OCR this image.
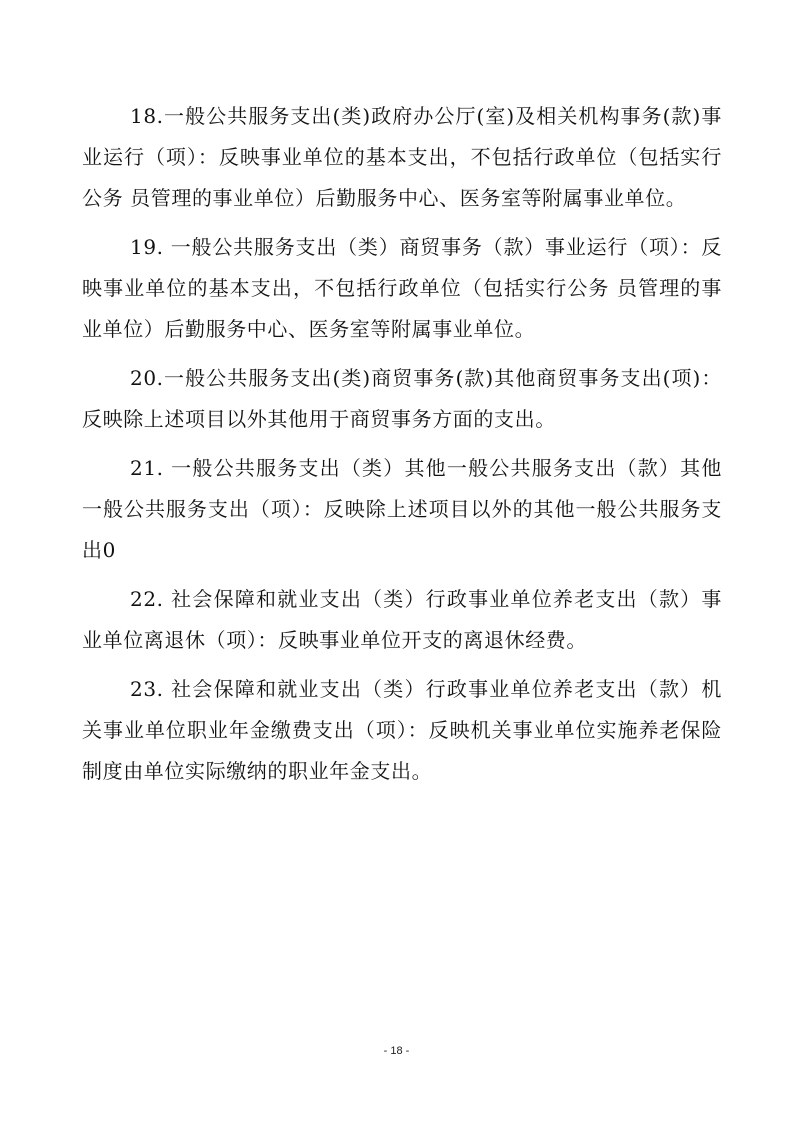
18.一般公共服务支出(类)政府办公厅(室)及相关机构事务(款)事业运行（项）：反映事业单位的基本支出，不包括行政单位（包括实行公务 员管理的事业单位）后勤服务中心、医务室等附属事业单位。

19. 一般公共服务支出（类）商贸事务（款）事业运行（项）：反映事业单位的基本支出，不包括行政单位（包括实行公务 员管理的事业单位）后勤服务中心、医务室等附属事业单位。

20.一般公共服务支出(类)商贸事务(款)其他商贸事务支出(项)：反映除上述项目以外其他用于商贸事务方面的支出。

21. 一般公共服务支出（类）其他一般公共服务支出（款）其他一般公共服务支出（项）：反映除上述项目以外的其他一般公共服务支出0

22. 社会保障和就业支出（类）行政事业单位养老支出（款）事业单位离退休（项）：反映事业单位开支的离退休经费。

23. 社会保障和就业支出（类）行政事业单位养老支出（款）机关事业单位职业年金缴费支出（项）：反映机关事业单位实施养老保险制度由单位实际缴纳的职业年金支出。

- 18 -
